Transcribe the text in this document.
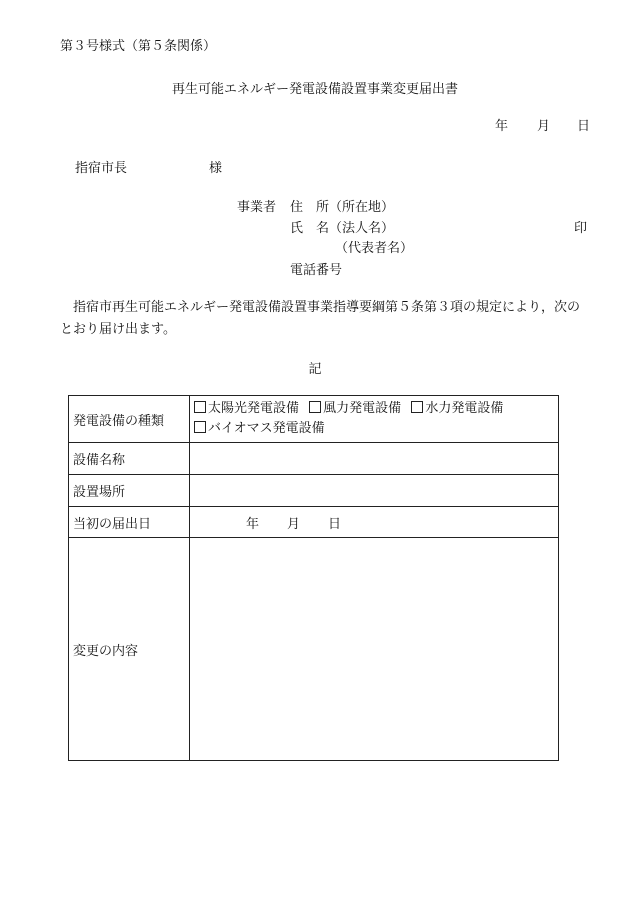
第３号様式（第５条関係）
再生可能エネルギー発電設備設置事業変更届出書
年 月 日
指宿市長	様
事業者 住　所（所在地）
氏　名（法人名）	印
（代表者名）
電話番号
指宿市再生可能エネルギー発電設備設置事業指導要綱第５条第３項の規定により，次のとおり届け出ます。
記
発電設備の種類	太陽光発電設備 風力発電設備 水力発電設備
バイオマス発電設備
設備名称	
設置場所	
当初の届出日	年 月 日
変更の内容	
